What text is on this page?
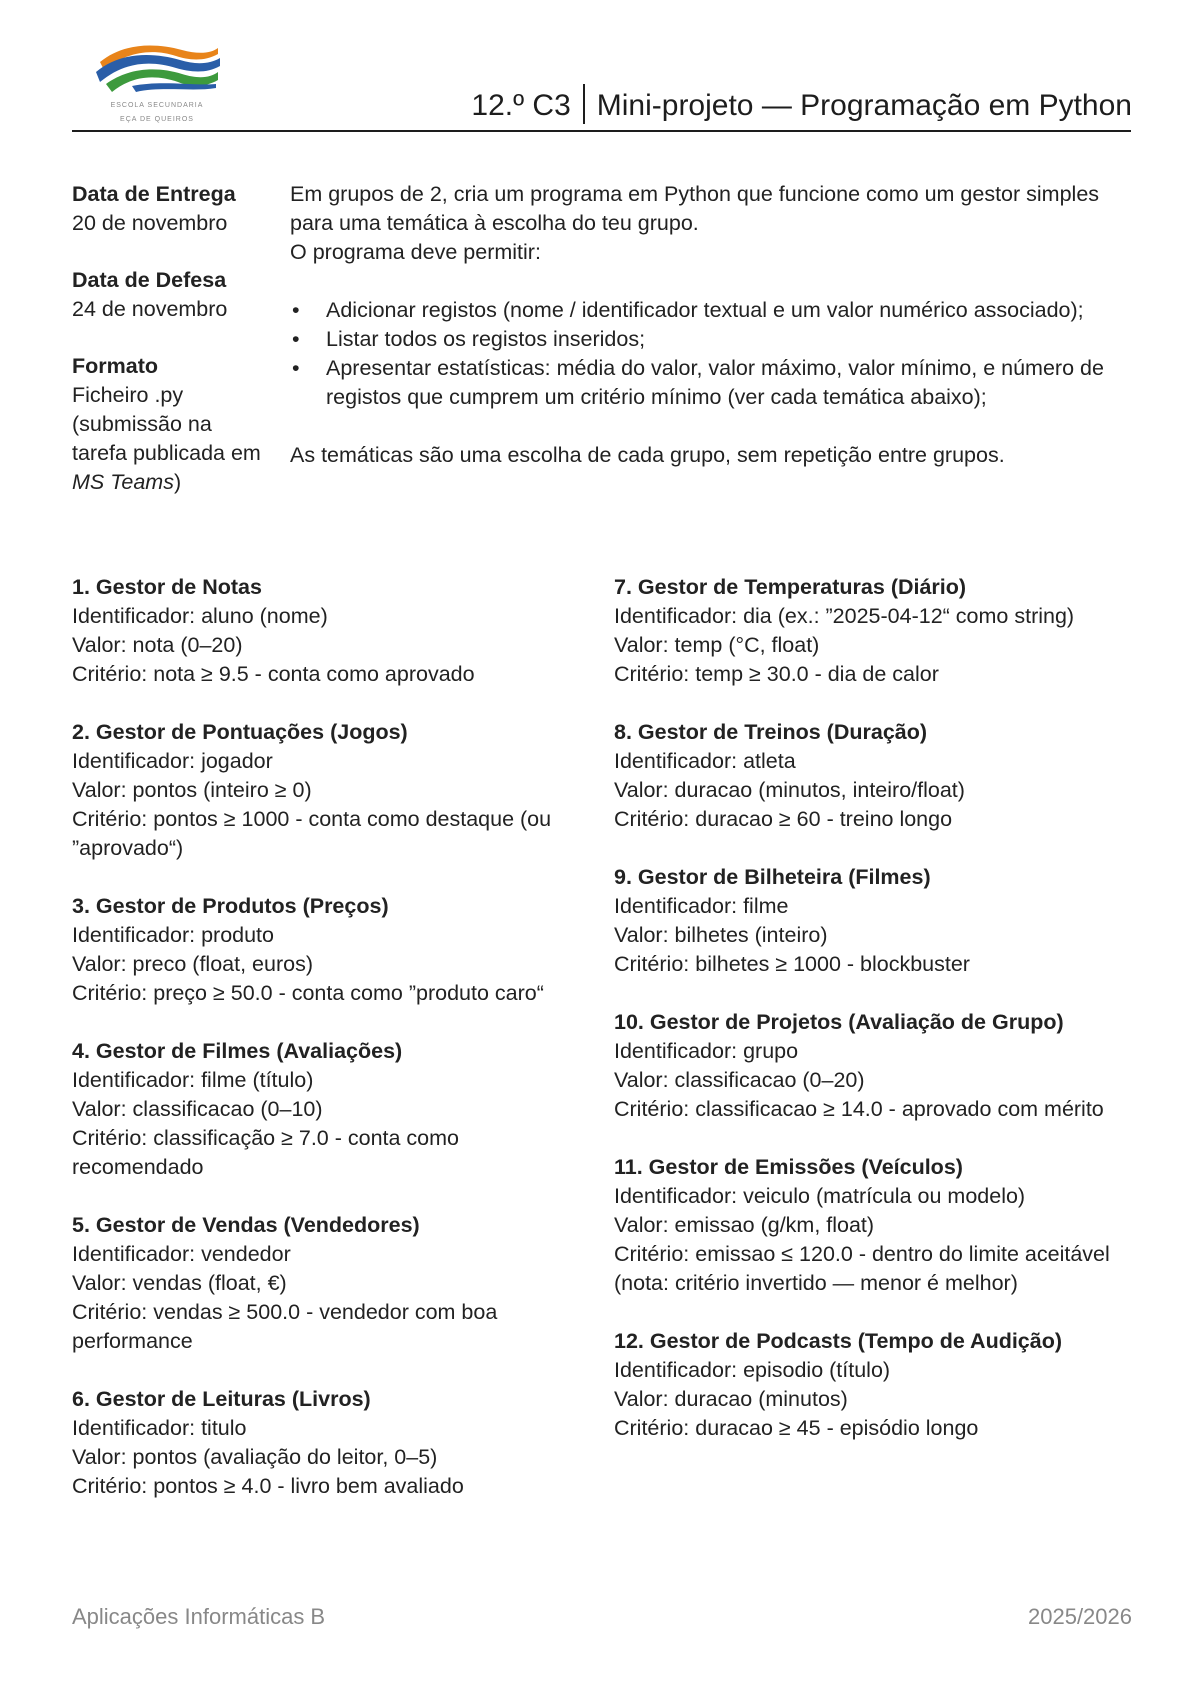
ESCOLA SECUNDÁRIA
EÇA DE QUEIRÓS	12.º C3 Mini-projeto — Programação em Python
Data de Entrega
20 de novembro
Data de Defesa
24 de novembro
Formato
Ficheiro .py (submissão na tarefa publicada em MS Teams)

Em grupos de 2, cria um programa em Python que funcione como um gestor simples para uma temática à escolha do teu grupo.

O programa deve permitir:

• Adicionar registos (nome / identificador textual e um valor numérico associado);
• Listar todos os registos inseridos;
• Apresentar estatísticas: média do valor, valor máximo, valor mínimo, e número de registos que cumprem um critério mínimo (ver cada temática abaixo);

As temáticas são uma escolha de cada grupo, sem repetição entre grupos.

1. Gestor de Notas
Identificador: aluno (nome)
Valor: nota (0–20)
Critério: nota ≥ 9.5 - conta como aprovado
2. Gestor de Pontuações (Jogos)
Identificador: jogador
Valor: pontos (inteiro ≥ 0)
Critério: pontos ≥ 1000 - conta como destaque (ou ”aprovado“)
3. Gestor de Produtos (Preços)
Identificador: produto
Valor: preco (float, euros)
Critério: preço ≥ 50.0 - conta como ”produto caro“
4. Gestor de Filmes (Avaliações)
Identificador: filme (título)
Valor: classificacao (0–10)
Critério: classificação ≥ 7.0 - conta como recomendado
5. Gestor de Vendas (Vendedores)
Identificador: vendedor
Valor: vendas (float, €)
Critério: vendas ≥ 500.0 - vendedor com boa performance
6. Gestor de Leituras (Livros)
Identificador: titulo
Valor: pontos (avaliação do leitor, 0–5)
Critério: pontos ≥ 4.0 - livro bem avaliado
7. Gestor de Temperaturas (Diário)
Identificador: dia (ex.: ”2025-04-12“ como string)
Valor: temp (°C, float)
Critério: temp ≥ 30.0 - dia de calor
8. Gestor de Treinos (Duração)
Identificador: atleta
Valor: duracao (minutos, inteiro/float)
Critério: duracao ≥ 60 - treino longo
9. Gestor de Bilheteira (Filmes)
Identificador: filme
Valor: bilhetes (inteiro)
Critério: bilhetes ≥ 1000 - blockbuster
10. Gestor de Projetos (Avaliação de Grupo)
Identificador: grupo
Valor: classificacao (0–20)
Critério: classificacao ≥ 14.0 - aprovado com mérito
11. Gestor de Emissões (Veículos)
Identificador: veiculo (matrícula ou modelo)
Valor: emissao (g/km, float)
Critério: emissao ≤ 120.0 - dentro do limite aceitável (nota: critério invertido — menor é melhor)
12. Gestor de Podcasts (Tempo de Audição)
Identificador: episodio (título)
Valor: duracao (minutos)
Critério: duracao ≥ 45 - episódio longo
Aplicações Informáticas B	2025/2026
